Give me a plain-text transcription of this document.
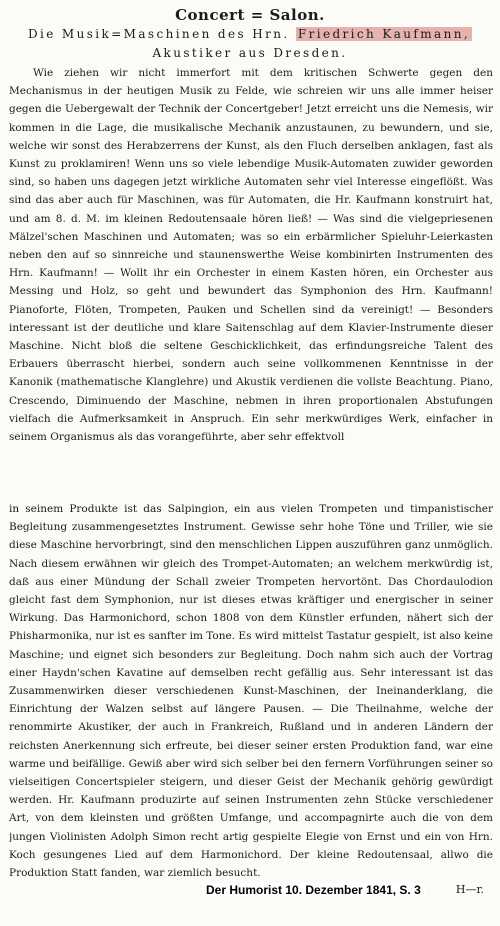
Concert = Salon.
Die Musik=Maschinen des Hrn. Friedrich Kaufmann,
Akustiker aus Dresden.

Wie ziehen wir nicht immerfort mit dem kritischen Schwerte gegen den Mechanismus in der heutigen Musik zu Felde, wie schreien wir uns alle immer heiser gegen die Uebergewalt der Technik der Concertgeber! Jetzt erreicht uns die Nemesis, wir kommen in die Lage, die musikalische Mechanik anzustaunen, zu bewundern, und sie, welche wir sonst des Herabzerrens der Kunst, als den Fluch derselben anklagen, fast als Kunst zu proklamiren! Wenn uns so viele lebendige Musik-Automaten zuwider geworden sind, so haben uns dagegen jetzt wirkliche Automaten sehr viel Interesse eingeflößt. Was sind das aber auch für Maschinen, was für Automaten, die Hr. Kaufmann konstruirt hat, und am 8. d. M. im kleinen Redoutensaale hören ließ! — Was sind die vielgepriesenen Mälzel'schen Maschinen und Automaten; was so ein erbärmlicher Spieluhr-Leierkasten neben den auf so sinnreiche und staunenswerthe Weise kombinirten Instrumenten des Hrn. Kaufmann! — Wollt ihr ein Orchester in einem Kasten hören, ein Orchester aus Messing und Holz, so geht und bewundert das Symphonion des Hrn. Kaufmann! Pianoforte, Flöten, Trompeten, Pauken und Schellen sind da vereinigt! — Besonders interessant ist der deutliche und klare Saitenschlag auf dem Klavier-Instrumente dieser Maschine. Nicht bloß die seltene Geschicklichkeit, das erfindungsreiche Talent des Erbauers überrascht hierbei, sondern auch seine vollkommenen Kenntnisse in der Kanonik (mathematische Klanglehre) und Akustik verdienen die vollste Beachtung. Piano, Crescendo, Diminuendo der Maschine, nebmen in ihren proportionalen Abstufungen vielfach die Aufmerksamkeit in Anspruch. Ein sehr merkwürdiges Werk, einfacher in seinem Organismus als das vorangeführte, aber sehr effektvoll

in seinem Produkte ist das Salpingion, ein aus vielen Trompeten und timpanistischer Begleitung zusammengesetztes Instrument. Gewisse sehr hohe Töne und Triller, wie sie diese Maschine hervorbringt, sind den menschlichen Lippen auszuführen ganz unmöglich. Nach diesem erwähnen wir gleich des Trompet-Automaten; an welchem merkwürdig ist, daß aus einer Mündung der Schall zweier Trompeten hervortönt. Das Chordaulodion gleicht fast dem Symphonion, nur ist dieses etwas kräftiger und energischer in seiner Wirkung. Das Harmonichord, schon 1808 von dem Künstler erfunden, nähert sich der Phisharmonika, nur ist es sanfter im Tone. Es wird mittelst Tastatur gespielt, ist also keine Maschine; und eignet sich besonders zur Begleitung. Doch nahm sich auch der Vortrag einer Haydn'schen Kavatine auf demselben recht gefällig aus. Sehr interessant ist das Zusammenwirken dieser verschiedenen Kunst-Maschinen, der Ineinanderklang, die Einrichtung der Walzen selbst auf längere Pausen. — Die Theilnahme, welche der renommirte Akustiker, der auch in Frankreich, Rußland und in anderen Ländern der reichsten Anerkennung sich erfreute, bei dieser seiner ersten Produktion fand, war eine warme und beifällige. Gewiß aber wird sich selber bei den fernern Vorführungen seiner so vielseitigen Concertspieler steigern, und dieser Geist der Mechanik gehörig gewürdigt werden. Hr. Kaufmann produzirte auf seinen Instrumenten zehn Stücke verschiedener Art, von dem kleinsten und größten Umfange, und accompagnirte auch die von dem jungen Violinisten Adolph Simon recht artig gespielte Elegie von Ernst und ein von Hrn. Koch gesungenes Lied auf dem Harmonichord. Der kleine Redoutensaal, allwo die Produktion Statt fanden, war ziemlich besucht.

Der Humorist 10. Dezember 1841, S. 3	H—r.
